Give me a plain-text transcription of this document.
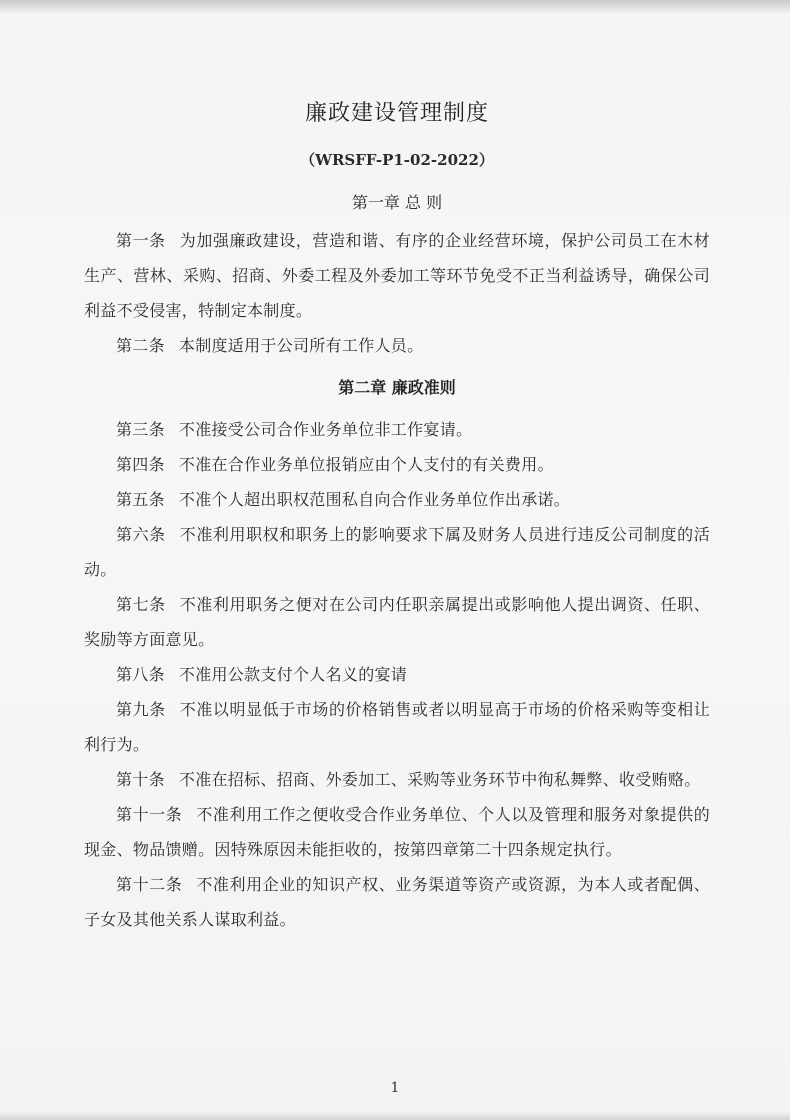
廉政建设管理制度
（WRSFF-P1-02-2022）
第一章 总 则

第一条 为加强廉政建设，营造和谐、有序的企业经营环境，保护公司员工在木材生产、营林、采购、招商、外委工程及外委加工等环节免受不正当利益诱导，确保公司利益不受侵害，特制定本制度。

第二条 本制度适用于公司所有工作人员。

第二章 廉政准则

第三条 不准接受公司合作业务单位非工作宴请。

第四条 不准在合作业务单位报销应由个人支付的有关费用。

第五条 不准个人超出职权范围私自向合作业务单位作出承诺。

第六条 不准利用职权和职务上的影响要求下属及财务人员进行违反公司制度的活动。

第七条 不准利用职务之便对在公司内任职亲属提出或影响他人提出调资、任职、奖励等方面意见。

第八条 不准用公款支付个人名义的宴请

第九条 不准以明显低于市场的价格销售或者以明显高于市场的价格采购等变相让利行为。

第十条 不准在招标、招商、外委加工、采购等业务环节中徇私舞弊、收受贿赂。

第十一条 不准利用工作之便收受合作业务单位、个人以及管理和服务对象提供的现金、物品馈赠。因特殊原因未能拒收的，按第四章第二十四条规定执行。

第十二条 不准利用企业的知识产权、业务渠道等资产或资源，为本人或者配偶、子女及其他关系人谋取利益。

1
